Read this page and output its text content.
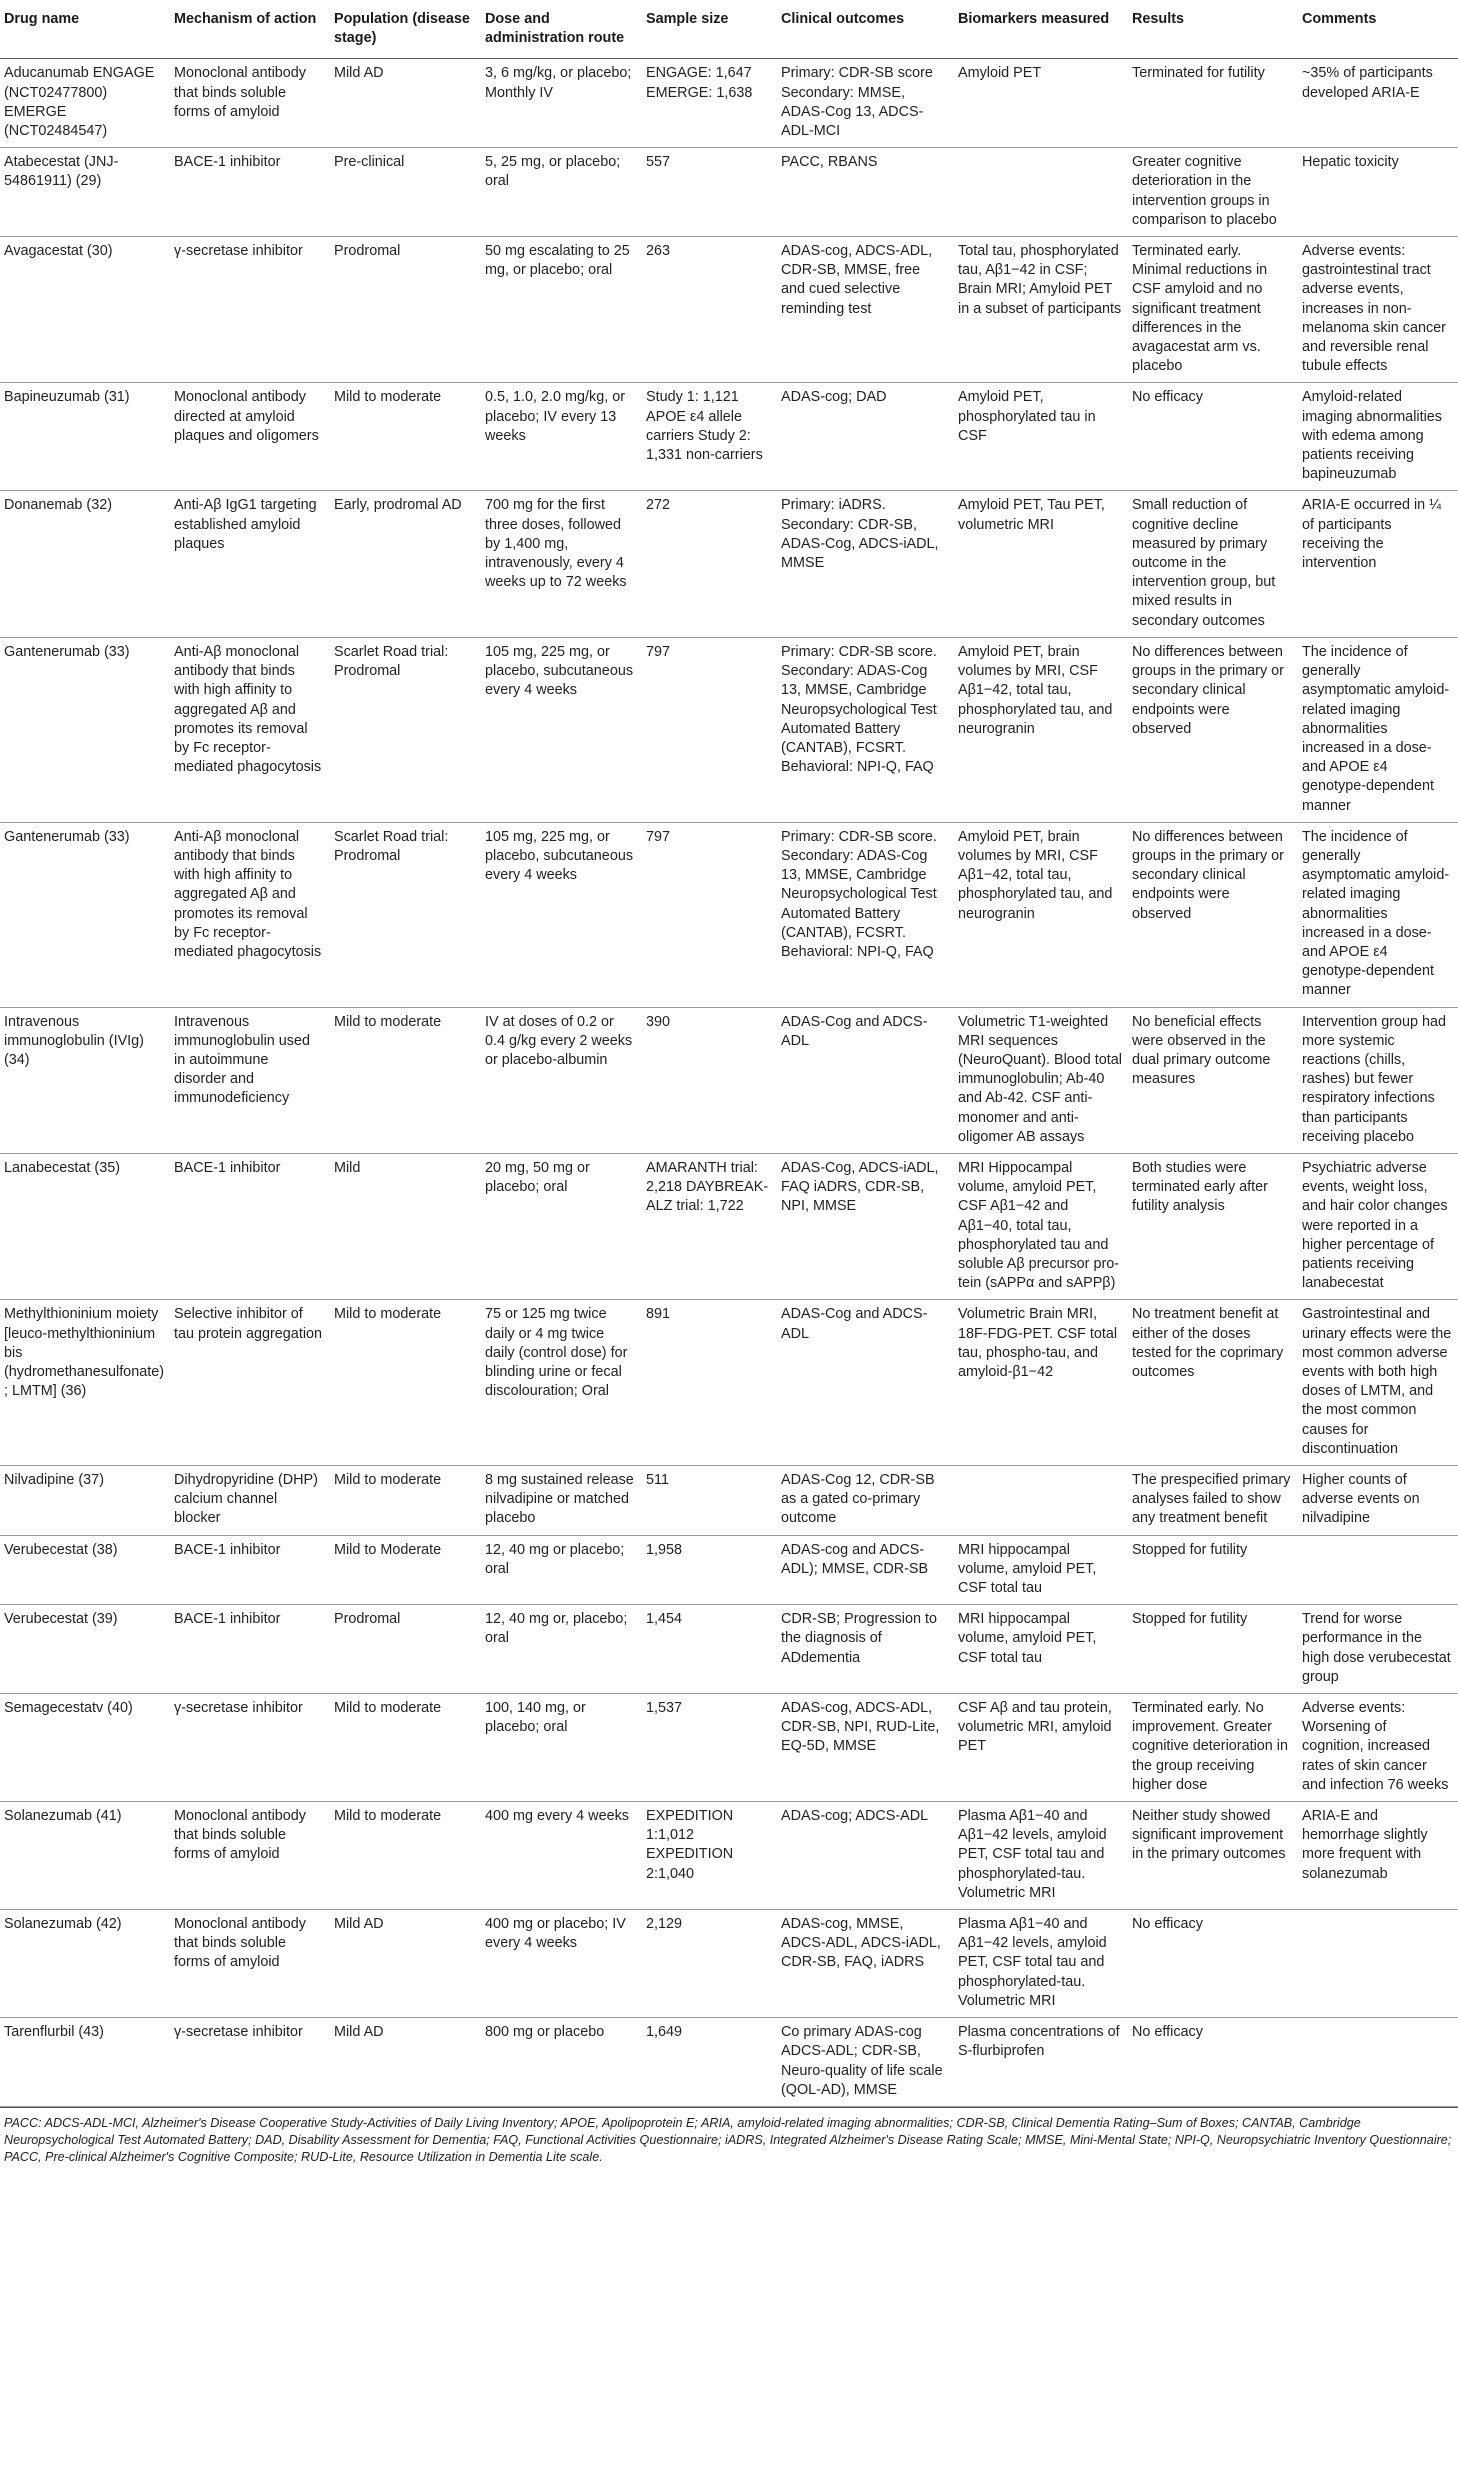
Drug name	Mechanism of action	Population (disease stage)	Dose and administration route	Sample size	Clinical outcomes	Biomarkers measured	Results	Comments
Aducanumab ENGAGE (NCT02477800) EMERGE (NCT02484547)	Monoclonal antibody that binds soluble forms of amyloid	Mild AD	3, 6 mg/kg, or placebo; Monthly IV	ENGAGE: 1,647 EMERGE: 1,638	Primary: CDR-SB score Secondary: MMSE, ADAS-Cog 13, ADCS-ADL-MCI	Amyloid PET	Terminated for futility	~35% of participants developed ARIA-E
Atabecestat (JNJ-54861911) (29)	BACE-1 inhibitor	Pre-clinical	5, 25 mg, or placebo; oral	557	PACC, RBANS		Greater cognitive deterioration in the intervention groups in comparison to placebo	Hepatic toxicity
Avagacestat (30)	γ-secretase inhibitor	Prodromal	50 mg escalating to 25 mg, or placebo; oral	263	ADAS-cog, ADCS-ADL, CDR-SB, MMSE, free and cued selective reminding test	Total tau, phosphorylated tau, Aβ1−42 in CSF; Brain MRI; Amyloid PET in a subset of participants	Terminated early. Minimal reductions in CSF amyloid and no significant treatment differences in the avagacestat arm vs. placebo	Adverse events: gastrointestinal tract adverse events, increases in non-melanoma skin cancer and reversible renal tubule effects
Bapineuzumab (31)	Monoclonal antibody directed at amyloid plaques and oligomers	Mild to moderate	0.5, 1.0, 2.0 mg/kg, or placebo; IV every 13 weeks	Study 1: 1,121 APOE ε4 allele carriers Study 2: 1,331 non-carriers	ADAS-cog; DAD	Amyloid PET, phosphorylated tau in CSF	No efficacy	Amyloid-related imaging abnormalities with edema among patients receiving bapineuzumab
Donanemab (32)	Anti-Aβ IgG1 targeting established amyloid plaques	Early, prodromal AD	700 mg for the first three doses, followed by 1,400 mg, intravenously, every 4 weeks up to 72 weeks	272	Primary: iADRS. Secondary: CDR-SB, ADAS-Cog, ADCS-iADL, MMSE	Amyloid PET, Tau PET, volumetric MRI	Small reduction of cognitive decline measured by primary outcome in the intervention group, but mixed results in secondary outcomes	ARIA-E occurred in ¼ of participants receiving the intervention
Gantenerumab (33)	Anti-Aβ monoclonal antibody that binds with high affinity to aggregated Aβ and promotes its removal by Fc receptor-mediated phagocytosis	Scarlet Road trial: Prodromal	105 mg, 225 mg, or placebo, subcutaneous every 4 weeks	797	Primary: CDR-SB score. Secondary: ADAS-Cog 13, MMSE, Cambridge Neuropsychological Test Automated Battery (CANTAB), FCSRT. Behavioral: NPI-Q, FAQ	Amyloid PET, brain volumes by MRI, CSF Aβ1−42, total tau, phosphorylated tau, and neurogranin	No differences between groups in the primary or secondary clinical endpoints were observed	The incidence of generally asymptomatic amyloid-related imaging abnormalities increased in a dose- and APOE ε4 genotype-dependent manner
Gantenerumab (33)	Anti-Aβ monoclonal antibody that binds with high affinity to aggregated Aβ and promotes its removal by Fc receptor-mediated phagocytosis	Scarlet Road trial: Prodromal	105 mg, 225 mg, or placebo, subcutaneous every 4 weeks	797	Primary: CDR-SB score. Secondary: ADAS-Cog 13, MMSE, Cambridge Neuropsychological Test Automated Battery (CANTAB), FCSRT. Behavioral: NPI-Q, FAQ	Amyloid PET, brain volumes by MRI, CSF Aβ1−42, total tau, phosphorylated tau, and neurogranin	No differences between groups in the primary or secondary clinical endpoints were observed	The incidence of generally asymptomatic amyloid-related imaging abnormalities increased in a dose- and APOE ε4 genotype-dependent manner
Intravenous immunoglobulin (IVIg) (34)	Intravenous immunoglobulin used in autoimmune disorder and immunodeficiency	Mild to moderate	IV at doses of 0.2 or 0.4 g/kg every 2 weeks or placebo-albumin	390	ADAS-Cog and ADCS-ADL	Volumetric T1-weighted MRI sequences (NeuroQuant). Blood total immunoglobulin; Ab-40 and Ab-42. CSF anti-monomer and anti-oligomer AB assays	No beneficial effects were observed in the dual primary outcome measures	Intervention group had more systemic reactions (chills, rashes) but fewer respiratory infections than participants receiving placebo
Lanabecestat (35)	BACE-1 inhibitor	Mild	20 mg, 50 mg or placebo; oral	AMARANTH trial: 2,218 DAYBREAK-ALZ trial: 1,722	ADAS-Cog, ADCS-iADL, FAQ iADRS, CDR-SB, NPI, MMSE	MRI Hippocampal volume, amyloid PET, CSF Aβ1−42 and Aβ1−40, total tau, phosphorylated tau and soluble Aβ precursor pro- tein (sAPPα and sAPPβ)	Both studies were terminated early after futility analysis	Psychiatric adverse events, weight loss, and hair color changes were reported in a higher percentage of patients receiving lanabecestat
Methylthioninium moiety [leuco-methylthioninium bis (hydromethanesulfonate); LMTM] (36)	Selective inhibitor of tau protein aggregation	Mild to moderate	75 or 125 mg twice daily or 4 mg twice daily (control dose) for blinding urine or fecal discolouration; Oral	891	ADAS-Cog and ADCS-ADL	Volumetric Brain MRI, 18F-FDG-PET. CSF total tau, phospho-tau, and amyloid-β1−42	No treatment benefit at either of the doses tested for the coprimary outcomes	Gastrointestinal and urinary effects were the most common adverse events with both high doses of LMTM, and the most common causes for discontinuation
Nilvadipine (37)	Dihydropyridine (DHP) calcium channel blocker	Mild to moderate	8 mg sustained release nilvadipine or matched placebo	511	ADAS-Cog 12, CDR-SB as a gated co-primary outcome		The prespecified primary analyses failed to show any treatment benefit	Higher counts of adverse events on nilvadipine
Verubecestat (38)	BACE-1 inhibitor	Mild to Moderate	12, 40 mg or placebo; oral	1,958	ADAS-cog and ADCS-ADL); MMSE, CDR-SB	MRI hippocampal volume, amyloid PET, CSF total tau	Stopped for futility	
Verubecestat (39)	BACE-1 inhibitor	Prodromal	12, 40 mg or, placebo; oral	1,454	CDR-SB; Progression to the diagnosis of ADdementia	MRI hippocampal volume, amyloid PET, CSF total tau	Stopped for futility	Trend for worse performance in the high dose verubecestat group
Semagecestatv (40)	γ-secretase inhibitor	Mild to moderate	100, 140 mg, or placebo; oral	1,537	ADAS-cog, ADCS-ADL, CDR-SB, NPI, RUD-Lite, EQ-5D, MMSE	CSF Aβ and tau protein, volumetric MRI, amyloid PET	Terminated early. No improvement. Greater cognitive deterioration in the group receiving higher dose	Adverse events: Worsening of cognition, increased rates of skin cancer and infection 76 weeks
Solanezumab (41)	Monoclonal antibody that binds soluble forms of amyloid	Mild to moderate	400 mg every 4 weeks	EXPEDITION 1:1,012 EXPEDITION 2:1,040	ADAS-cog; ADCS-ADL	Plasma Aβ1−40 and Aβ1−42 levels, amyloid PET, CSF total tau and phosphorylated-tau. Volumetric MRI	Neither study showed significant improvement in the primary outcomes	ARIA-E and hemorrhage slightly more frequent with solanezumab
Solanezumab (42)	Monoclonal antibody that binds soluble forms of amyloid	Mild AD	400 mg or placebo; IV every 4 weeks	2,129	ADAS-cog, MMSE, ADCS-ADL, ADCS-iADL, CDR-SB, FAQ, iADRS	Plasma Aβ1−40 and Aβ1−42 levels, amyloid PET, CSF total tau and phosphorylated-tau. Volumetric MRI	No efficacy	
Tarenflurbil (43)	γ-secretase inhibitor	Mild AD	800 mg or placebo	1,649	Co primary ADAS-cog ADCS-ADL; CDR-SB, Neuro-quality of life scale (QOL-AD), MMSE	Plasma concentrations of S-flurbiprofen	No efficacy	
PACC: ADCS-ADL-MCI, Alzheimer's Disease Cooperative Study-Activities of Daily Living Inventory; APOE, Apolipoprotein E; ARIA, amyloid-related imaging abnormalities; CDR-SB, Clinical Dementia Rating–Sum of Boxes; CANTAB, Cambridge Neuropsychological Test Automated Battery; DAD, Disability Assessment for Dementia; FAQ, Functional Activities Questionnaire; iADRS, Integrated Alzheimer's Disease Rating Scale; MMSE, Mini-Mental State; NPI-Q, Neuropsychiatric Inventory Questionnaire; PACC, Pre-clinical Alzheimer's Cognitive Composite; RUD-Lite, Resource Utilization in Dementia Lite scale.
